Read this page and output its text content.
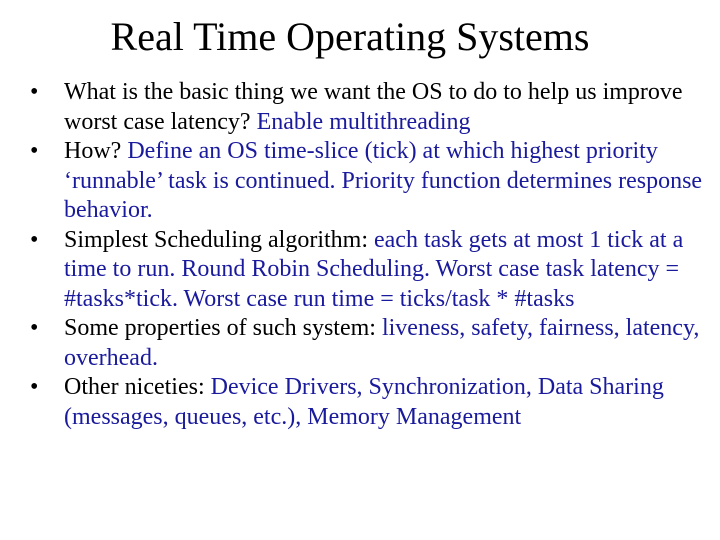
Real Time Operating Systems
•	What is the basic thing we want the OS to do to help us improve worst case latency? Enable multithreading
•	How? Define an OS time-slice (tick) at which highest priority ‘runnable’ task is continued. Priority function determines response behavior.
•	Simplest Scheduling algorithm: each task gets at most 1 tick at a time to run. Round Robin Scheduling. Worst case task latency = #tasks*tick. Worst case run time = ticks/task * #tasks
•	Some properties of such system: liveness, safety, fairness, latency, overhead.
•	Other niceties: Device Drivers, Synchronization, Data Sharing (messages, queues, etc.), Memory Management
